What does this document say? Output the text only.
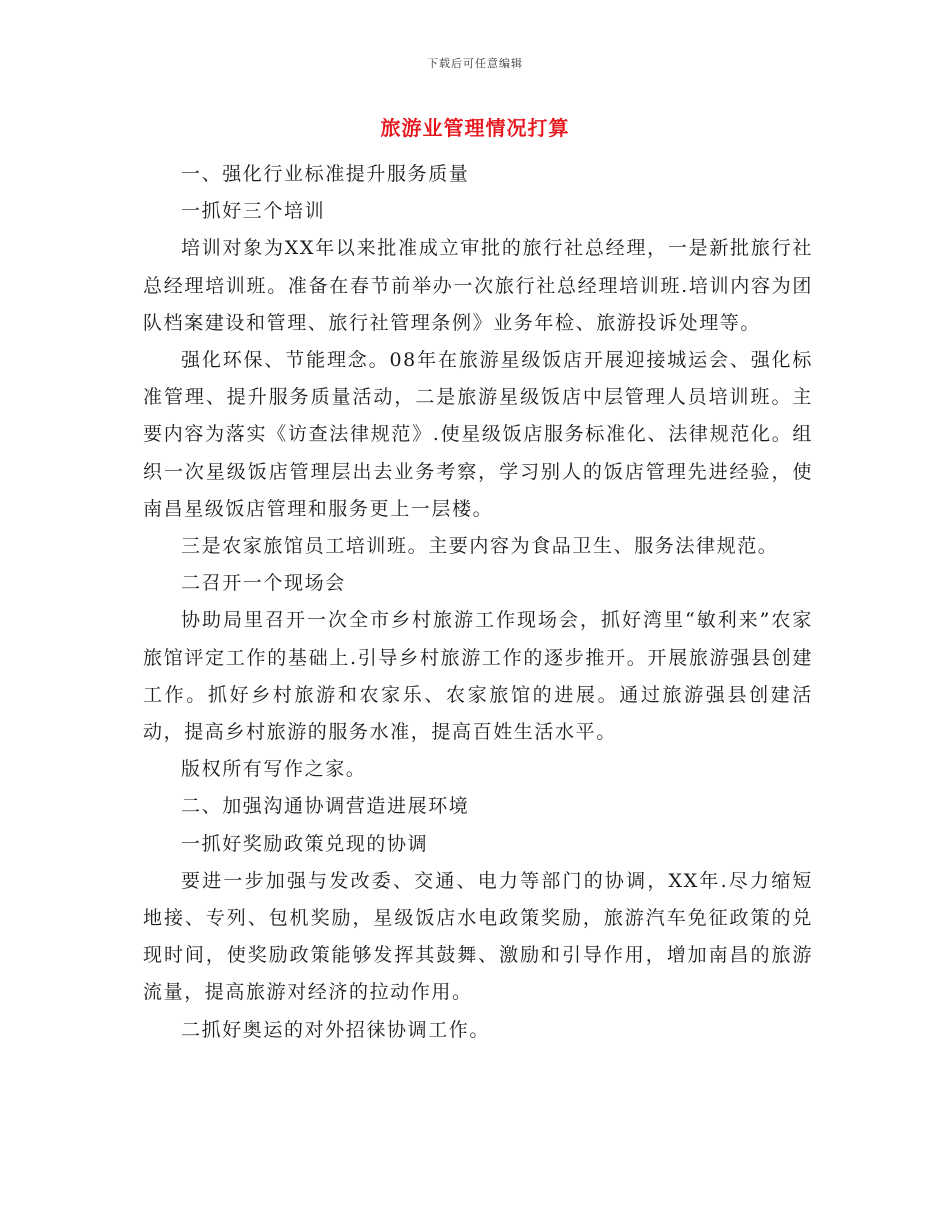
下载后可任意编辑
旅游业管理情况打算

一、强化行业标准提升服务质量

一抓好三个培训

培训对象为XX年以来批准成立审批的旅行社总经理，一是新批旅行社总经理培训班。准备在春节前举办一次旅行社总经理培训班.培训内容为团队档案建设和管理、旅行社管理条例》业务年检、旅游投诉处理等。

强化环保、节能理念。08年在旅游星级饭店开展迎接城运会、强化标准管理、提升服务质量活动，二是旅游星级饭店中层管理人员培训班。主要内容为落实《访查法律规范》.使星级饭店服务标准化、法律规范化。组织一次星级饭店管理层出去业务考察，学习别人的饭店管理先进经验，使南昌星级饭店管理和服务更上一层楼。

三是农家旅馆员工培训班。主要内容为食品卫生、服务法律规范。

二召开一个现场会

协助局里召开一次全市乡村旅游工作现场会，抓好湾里“敏利来”农家旅馆评定工作的基础上.引导乡村旅游工作的逐步推开。开展旅游强县创建工作。抓好乡村旅游和农家乐、农家旅馆的进展。通过旅游强县创建活动，提高乡村旅游的服务水准，提高百姓生活水平。

版权所有写作之家。

二、加强沟通协调营造进展环境

一抓好奖励政策兑现的协调

要进一步加强与发改委、交通、电力等部门的协调，XX年.尽力缩短地接、专列、包机奖励，星级饭店水电政策奖励，旅游汽车免征政策的兑现时间，使奖励政策能够发挥其鼓舞、激励和引导作用，增加南昌的旅游流量，提高旅游对经济的拉动作用。

二抓好奥运的对外招徕协调工作。
